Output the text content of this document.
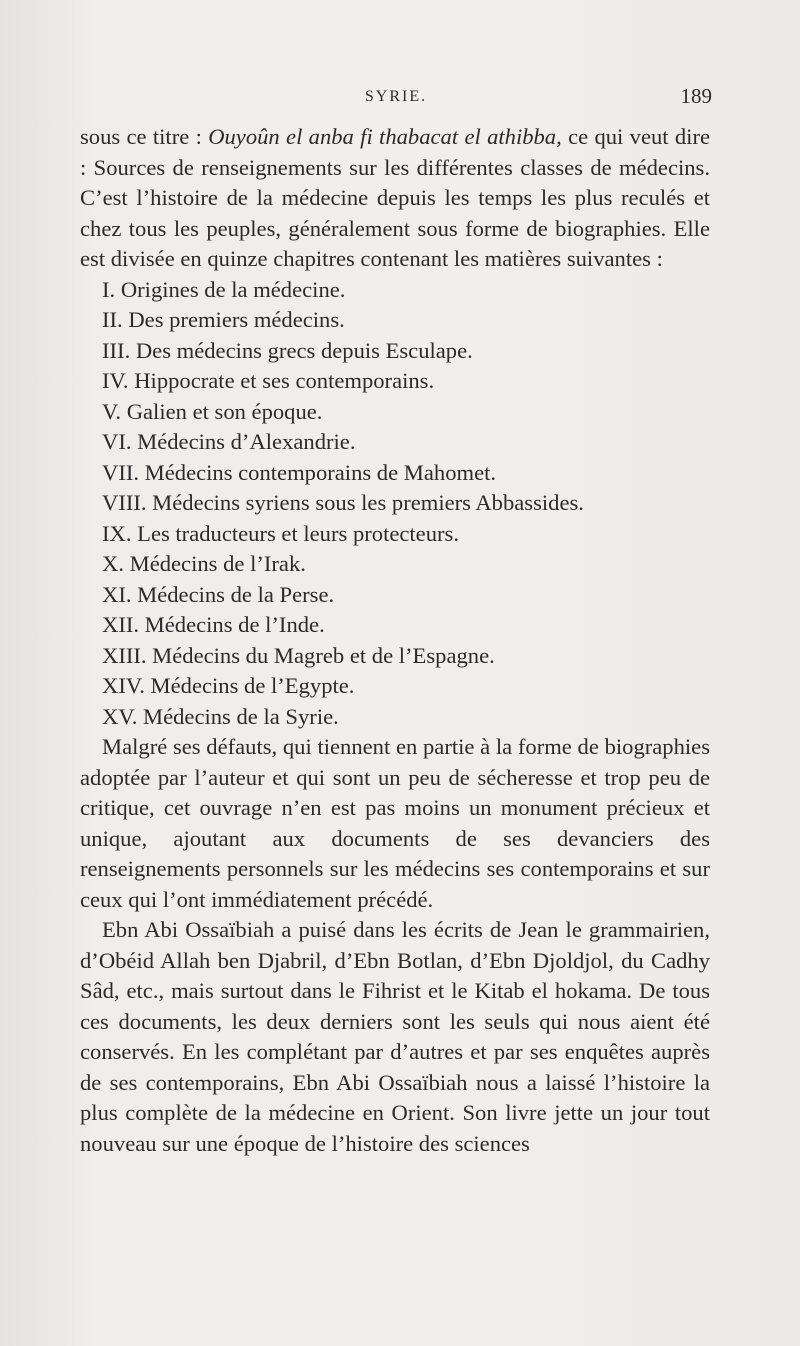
SYRIE.	189

sous ce titre : Ouyoûn el anba fi thabacat el athibba, ce qui veut dire : Sources de renseignements sur les différentes classes de médecins. C’est l’histoire de la médecine depuis les temps les plus reculés et chez tous les peuples, généralement sous forme de biographies. Elle est divisée en quinze chapitres contenant les matières suivantes :

I. Origines de la médecine.
II. Des premiers médecins.
III. Des médecins grecs depuis Esculape.
IV. Hippocrate et ses contemporains.
V. Galien et son époque.
VI. Médecins d’Alexandrie.
VII. Médecins contemporains de Mahomet.
VIII. Médecins syriens sous les premiers Abbassides.
IX. Les traducteurs et leurs protecteurs.
X. Médecins de l’Irak.
XI. Médecins de la Perse.
XII. Médecins de l’Inde.
XIII. Médecins du Magreb et de l’Espagne.
XIV. Médecins de l’Egypte.
XV. Médecins de la Syrie.

Malgré ses défauts, qui tiennent en partie à la forme de biographies adoptée par l’auteur et qui sont un peu de sécheresse et trop peu de critique, cet ouvrage n’en est pas moins un monument précieux et unique, ajoutant aux documents de ses devanciers des renseignements personnels sur les médecins ses contemporains et sur ceux qui l’ont immédiatement précédé.

Ebn Abi Ossaïbiah a puisé dans les écrits de Jean le grammairien, d’Obéid Allah ben Djabril, d’Ebn Botlan, d’Ebn Djoldjol, du Cadhy Sâd, etc., mais surtout dans le Fihrist et le Kitab el hokama. De tous ces documents, les deux derniers sont les seuls qui nous aient été conservés. En les complétant par d’autres et par ses enquêtes auprès de ses contemporains, Ebn Abi Ossaïbiah nous a laissé l’histoire la plus complète de la médecine en Orient. Son livre jette un jour tout nouveau sur une époque de l’histoire des sciences
